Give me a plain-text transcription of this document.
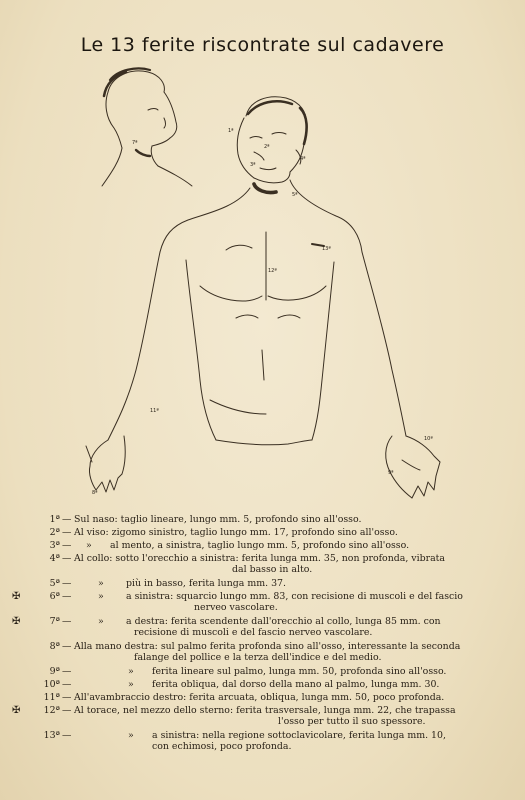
Le 13 ferite riscontrate sul cadavere
7ª
1ª
2ª
3ª
4ª
5ª
13ª
12ª
11ª
10ª
9ª
8ª
1ª — Sul naso: taglio lineare, lungo mm. 5, profondo sino all'osso.
2ª — Al viso: zigomo sinistro, taglio lungo mm. 17, profondo sino all'osso.
3ª — » al mento, a sinistra, taglio lungo mm. 5, profondo sino all'osso.
4ª — Al collo: sotto l'orecchio a sinistra: ferita lunga mm. 35, non profonda, vibrata
dal basso in alto.
5ª —	» più in basso, ferita lunga mm. 37.
✠	6ª —	» a sinistra: squarcio lungo mm. 83, con recisione di muscoli e del fascio
nerveo vascolare.
✠	7ª —	» a destra: ferita scendente dall'orecchio al collo, lunga 85 mm. con
recisione di muscoli e del fascio nerveo vascolare.
8ª — Alla mano destra: sul palmo ferita profonda sino all'osso, interessante la seconda
falange del pollice e la terza dell'indice e del medio.
9ª —	» ferita lineare sul palmo, lunga mm. 50, profonda sino all'osso.
10ª —	» ferita obliqua, dal dorso della mano al palmo, lunga mm. 30.
11ª — All'avambraccio destro: ferita arcuata, obliqua, lunga mm. 50, poco profonda.
✠	12ª — Al torace, nel mezzo dello sterno: ferita trasversale, lunga mm. 22, che trapassa
l'osso per tutto il suo spessore.
13ª —	» a sinistra: nella regione sottoclavicolare, ferita lunga mm. 10,
con echimosi, poco profonda.
